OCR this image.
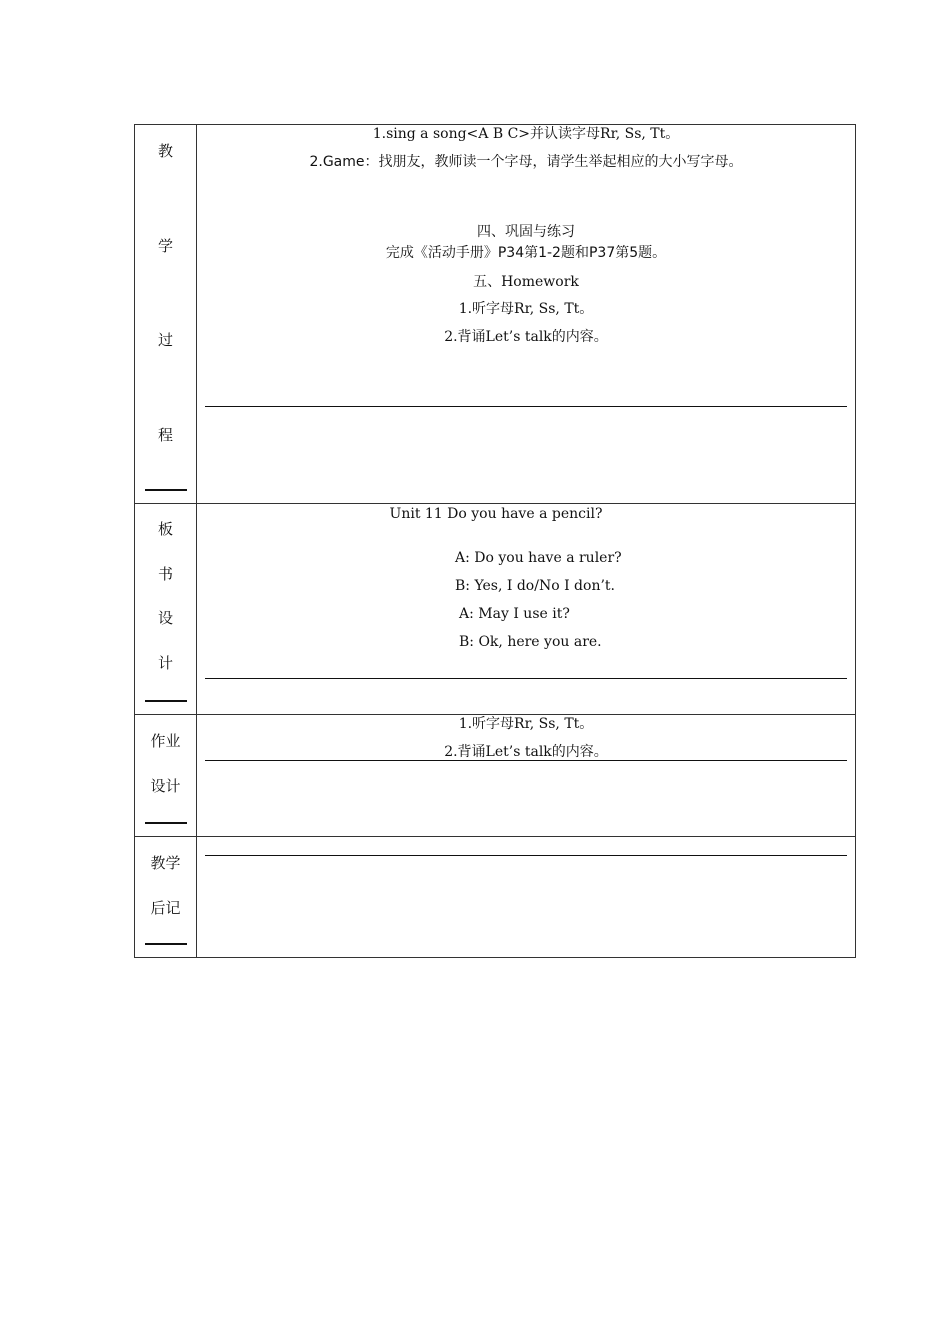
教
学
过
程
1.sing a song<A B C>并认读字母Rr, Ss, Tt。
2.Game：找朋友，教师读一个字母，请学生举起相应的大小写字母。
四、巩固与练习
完成《活动手册》P34第1-2题和P37第5题。
五、Homework
1.听字母Rr, Ss, Tt。
2.背诵Let’s talk的内容。
板
书
设
计
Unit 11 Do you have a pencil?
A: Do you have a ruler?
B: Yes, I do/No I don’t.
A: May I use it?
B: Ok, here you are.
作业
设计
1.听字母Rr, Ss, Tt。
2.背诵Let’s talk的内容。
教学
后记
